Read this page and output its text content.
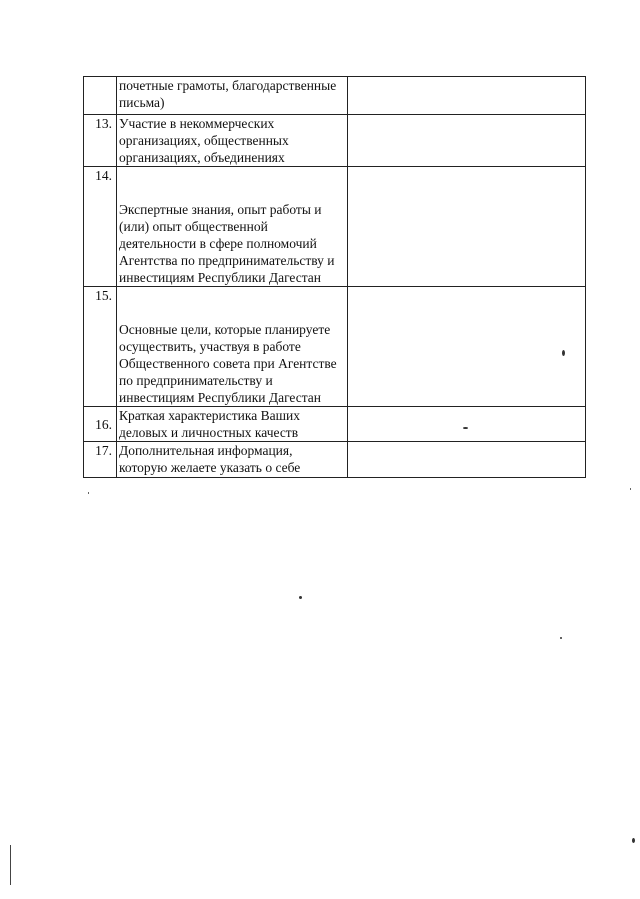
	почетные грамоты, благодарственные
письма)	
13.	Участие в некоммерческих
организациях, общественных
организациях, объединениях	
14.	Экспертные знания, опыт работы и
(или) опыт общественной
деятельности в сфере полномочий
Агентства по предпринимательству и
инвестициям Республики Дагестан	
15.	Основные цели, которые планируете
осуществить, участвуя в работе
Общественного совета при Агентстве
по предпринимательству и
инвестициям Республики Дагестан	
16.	Краткая характеристика Ваших
деловых и личностных качеств	
17.	Дополнительная информация,
которую желаете указать о себе	
